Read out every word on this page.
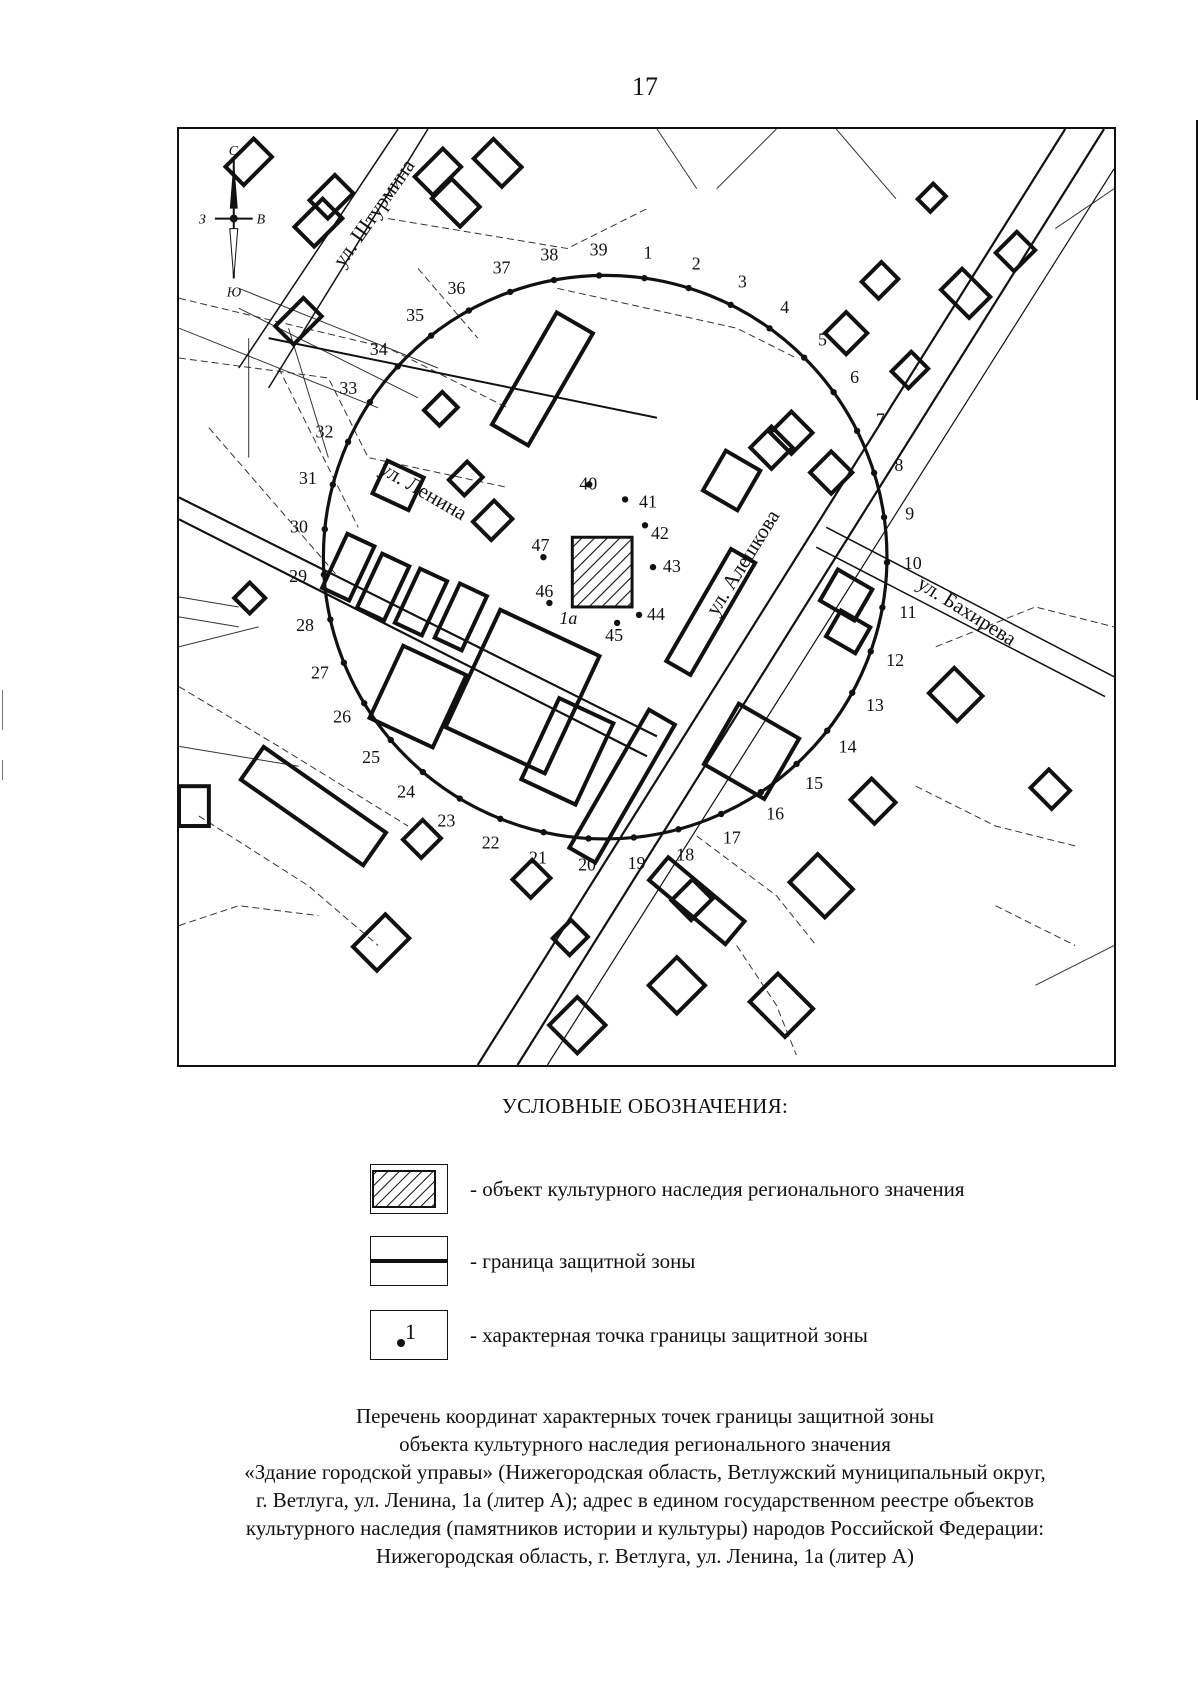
17
1а
1
2
3
4
5
6
7
8
9
10
11
12
13
14
15
16
17
18
19
20
21
22
23
24
25
26
27
28
29
30
31
32
33
34
35
36
37
38 39
40
41
42
43
44
45
46
47
ул. Штурмина
ул. Ленина
ул. Алешкова	ул. Бахирева
С
Ю
З	В
УСЛОВНЫЕ ОБОЗНАЧЕНИЯ:
- объект культурного наследия регионального значения
- граница защитной зоны
1	- характерная точка границы защитной зоны
Перечень координат характерных точек границы защитной зоны
объекта культурного наследия регионального значения
«Здание городской управы» (Нижегородская область, Ветлужский муниципальный округ,
г. Ветлуга, ул. Ленина, 1а (литер А); адрес в едином государственном реестре объектов
культурного наследия (памятников истории и культуры) народов Российской Федерации:
Нижегородская область, г. Ветлуга, ул. Ленина, 1а (литер А)
